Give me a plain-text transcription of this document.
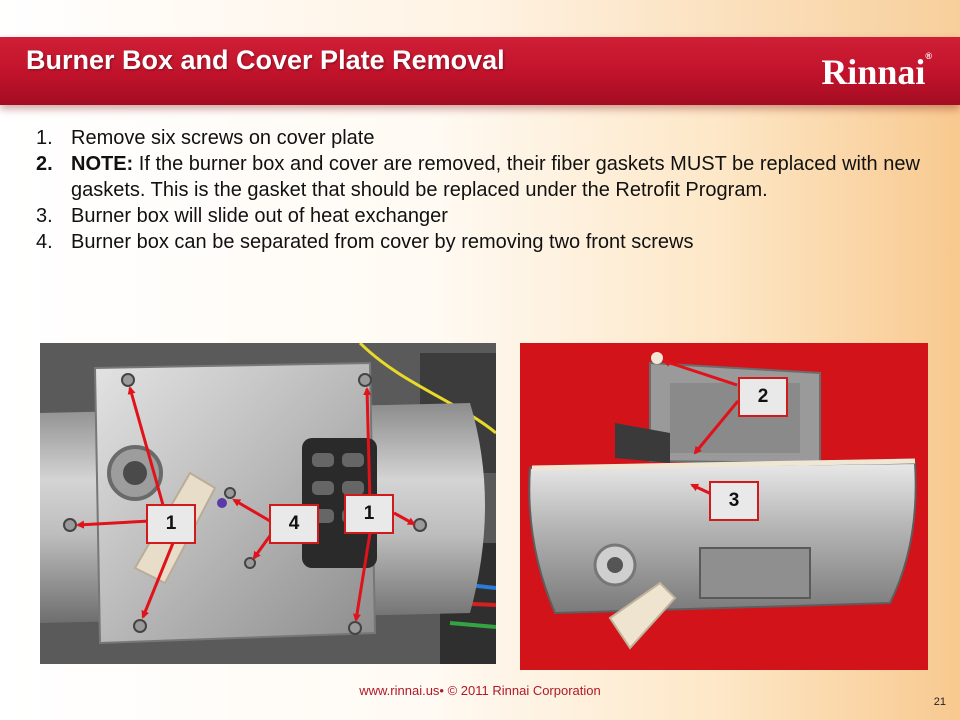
Burner Box and Cover Plate Removal	Rinnai®
1. Remove six screws on cover plate
2. NOTE: If the burner box and cover are removed, their fiber gaskets MUST be replaced with new gaskets. This is the gasket that should be replaced under the Retrofit Program.
3. Burner box will slide out of heat exchanger
4. Burner box can be separated from cover by removing two front screws
1	4	1
2
3
www.rinnai.us• © 2011 Rinnai Corporation
21
